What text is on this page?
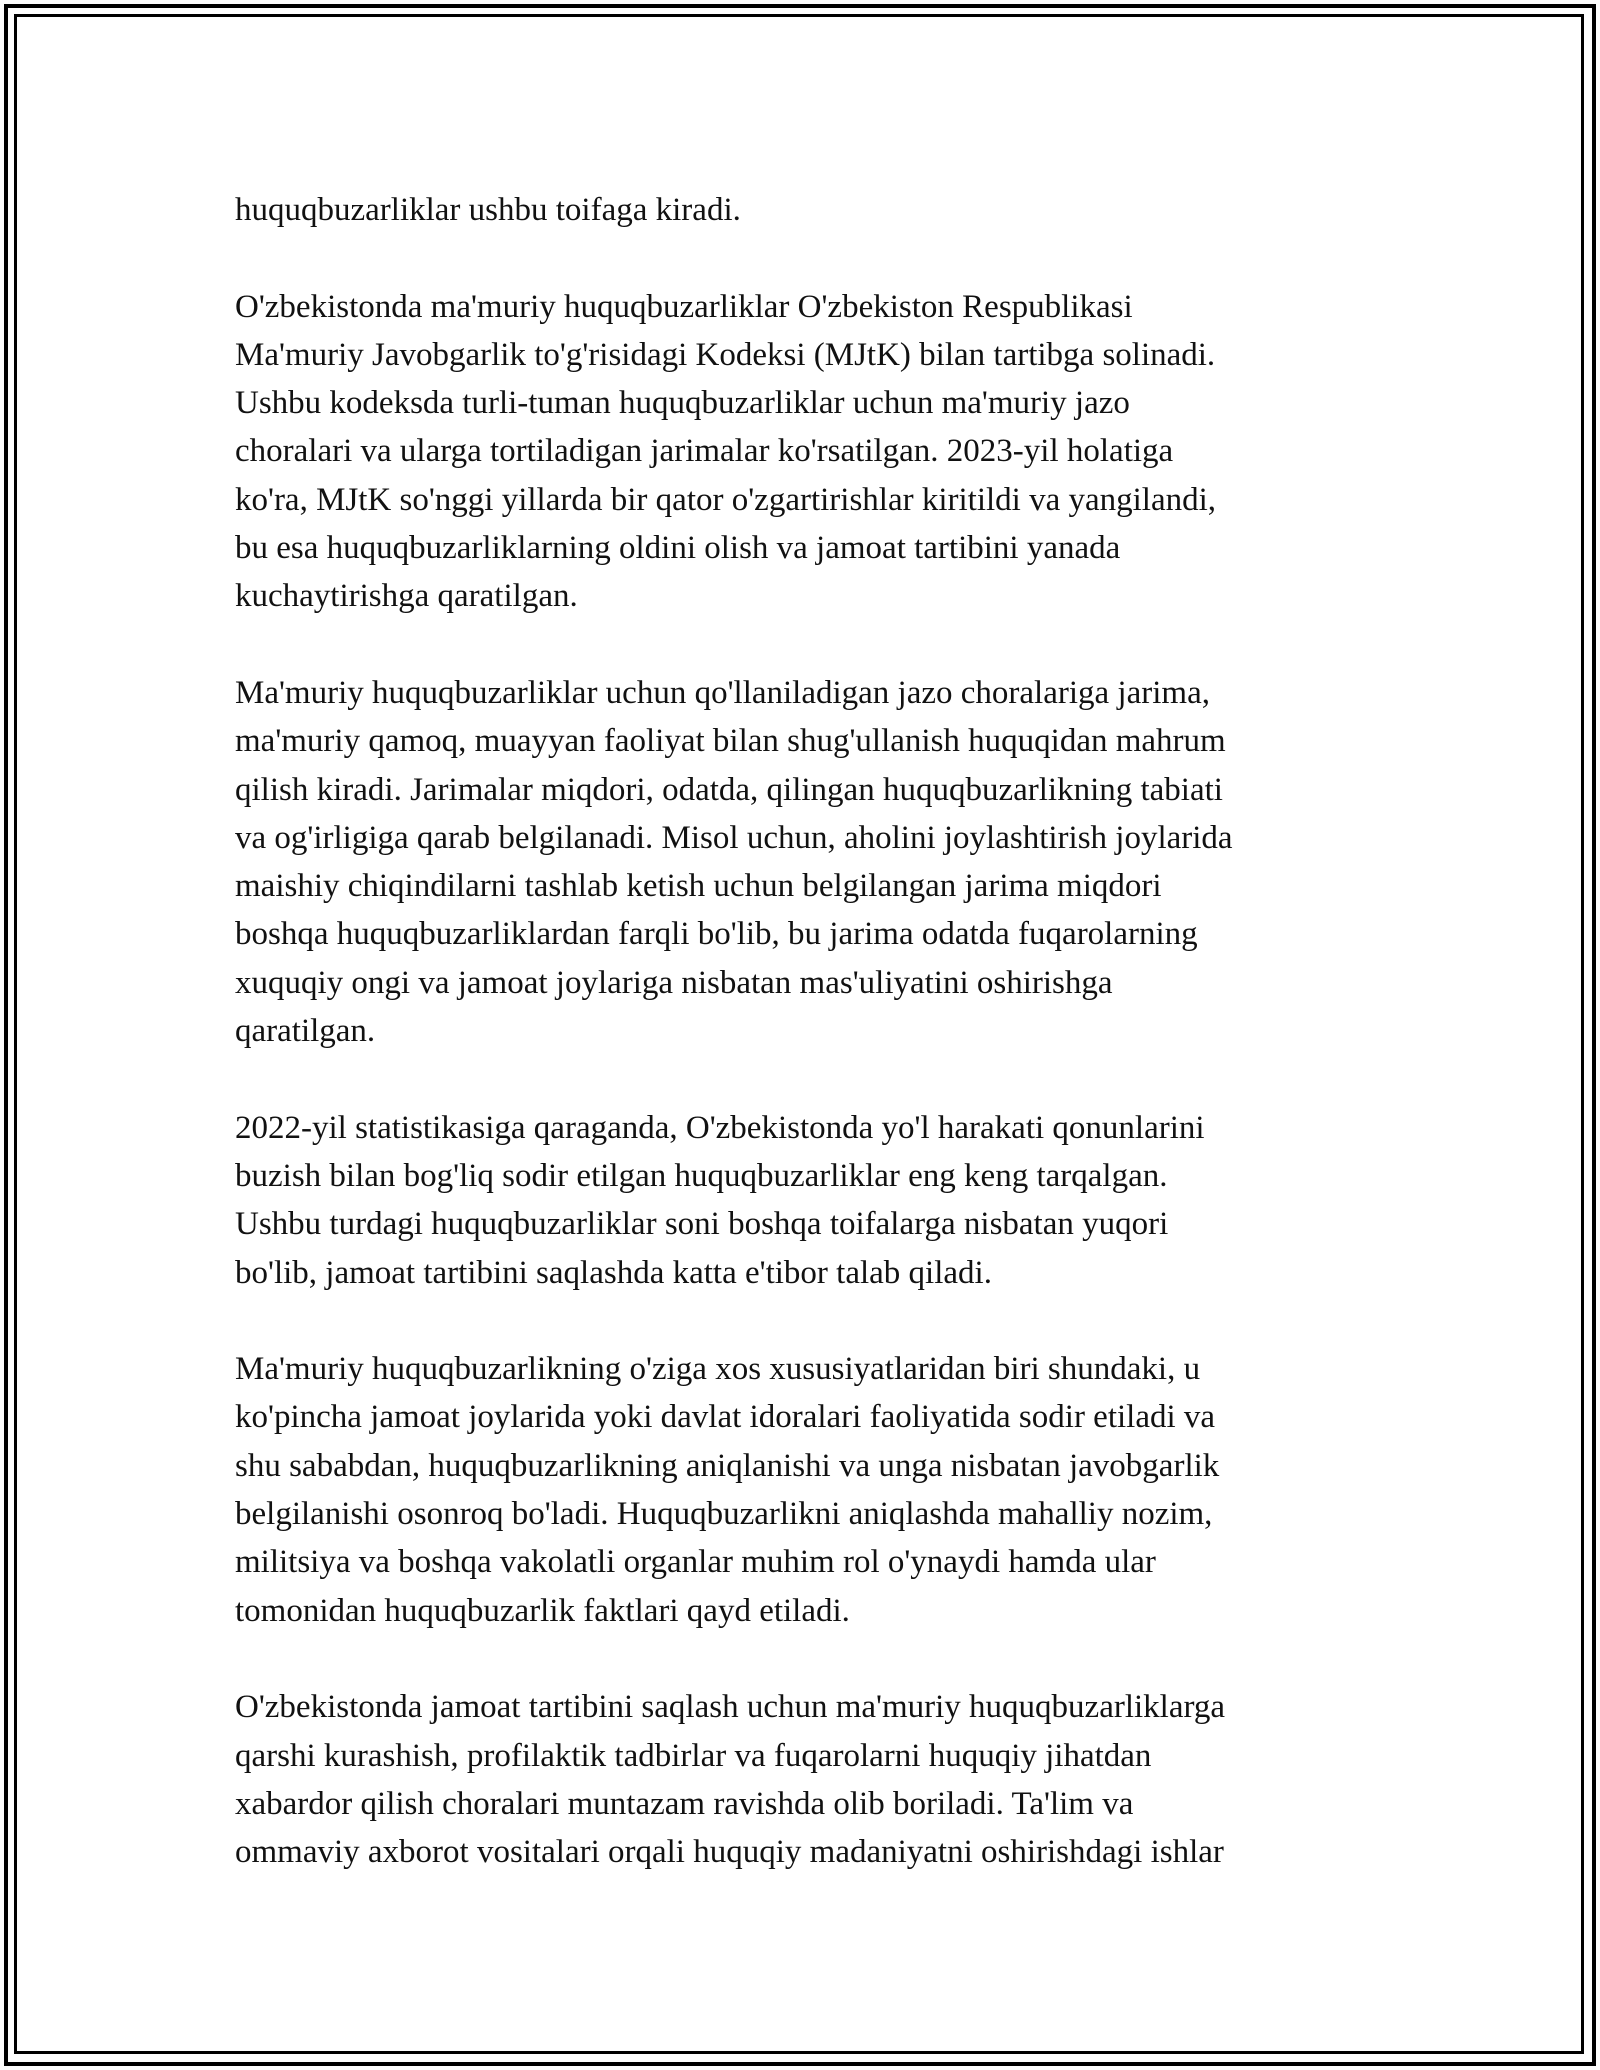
huquqbuzarliklar ushbu toifaga kiradi.

O'zbekistonda ma'muriy huquqbuzarliklar O'zbekiston Respublikasi
Ma'muriy Javobgarlik to'g'risidagi Kodeksi (MJtK) bilan tartibga solinadi.
Ushbu kodeksda turli-tuman huquqbuzarliklar uchun ma'muriy jazo
choralari va ularga tortiladigan jarimalar ko'rsatilgan. 2023-yil holatiga
ko'ra, MJtK so'nggi yillarda bir qator o'zgartirishlar kiritildi va yangilandi,
bu esa huquqbuzarliklarning oldini olish va jamoat tartibini yanada
kuchaytirishga qaratilgan.

Ma'muriy huquqbuzarliklar uchun qo'llaniladigan jazo choralariga jarima,
ma'muriy qamoq, muayyan faoliyat bilan shug'ullanish huquqidan mahrum
qilish kiradi. Jarimalar miqdori, odatda, qilingan huquqbuzarlikning tabiati
va og'irligiga qarab belgilanadi. Misol uchun, aholini joylashtirish joylarida
maishiy chiqindilarni tashlab ketish uchun belgilangan jarima miqdori
boshqa huquqbuzarliklardan farqli bo'lib, bu jarima odatda fuqarolarning
xuquqiy ongi va jamoat joylariga nisbatan mas'uliyatini oshirishga
qaratilgan.

2022-yil statistikasiga qaraganda, O'zbekistonda yo'l harakati qonunlarini
buzish bilan bog'liq sodir etilgan huquqbuzarliklar eng keng tarqalgan.
Ushbu turdagi huquqbuzarliklar soni boshqa toifalarga nisbatan yuqori
bo'lib, jamoat tartibini saqlashda katta e'tibor talab qiladi.

Ma'muriy huquqbuzarlikning o'ziga xos xususiyatlaridan biri shundaki, u
ko'pincha jamoat joylarida yoki davlat idoralari faoliyatida sodir etiladi va
shu sababdan, huquqbuzarlikning aniqlanishi va unga nisbatan javobgarlik
belgilanishi osonroq bo'ladi. Huquqbuzarlikni aniqlashda mahalliy nozim,
militsiya va boshqa vakolatli organlar muhim rol o'ynaydi hamda ular
tomonidan huquqbuzarlik faktlari qayd etiladi.

O'zbekistonda jamoat tartibini saqlash uchun ma'muriy huquqbuzarliklarga
qarshi kurashish, profilaktik tadbirlar va fuqarolarni huquqiy jihatdan
xabardor qilish choralari muntazam ravishda olib boriladi. Ta'lim va
ommaviy axborot vositalari orqali huquqiy madaniyatni oshirishdagi ishlar
